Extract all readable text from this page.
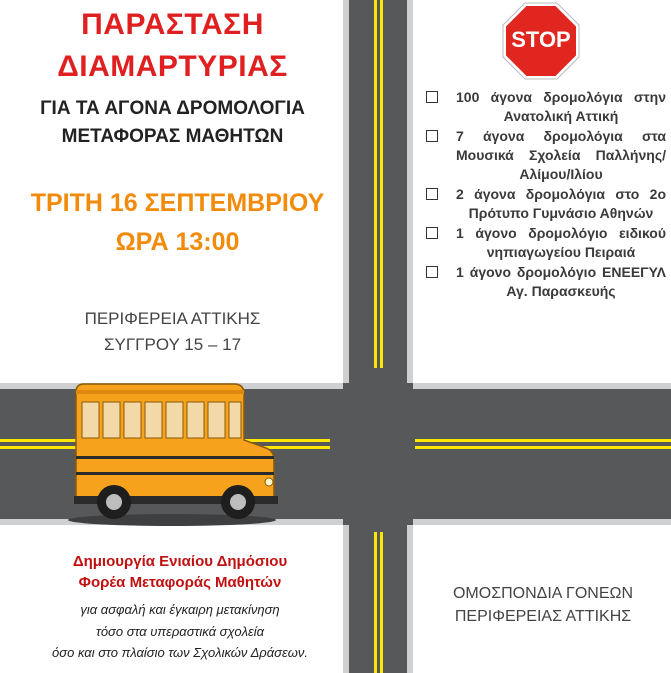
ΠΑΡΑΣΤΑΣΗ
ΔΙΑΜΑΡΤΥΡΙΑΣ
ΓΙΑ ΤΑ ΑΓΟΝΑ ΔΡΟΜΟΛΟΓΙΑ
ΜΕΤΑΦΟΡΑΣ ΜΑΘΗΤΩΝ
ΤΡΙΤΗ 16 ΣΕΠΤΕΜΒΡΙΟΥ
ΩΡΑ 13:00
ΠΕΡΙΦΕΡΕΙΑ ΑΤΤΙΚΗΣ
ΣΥΓΓΡΟΥ 15 – 17
STOP
100 άγονα δρομολόγια στην Ανατολική Αττική
7 άγονα δρομολόγια στα Μουσικά Σχολεία Παλλήνης/Αλίμου/Ιλίου
2 άγονα δρομολόγια στο 2ο Πρότυπο Γυμνάσιο Αθηνών
1 άγονο δρομολόγιο ειδικού νηπιαγωγείου Πειραιά
1 άγονο δρομολόγιο ΕΝΕΕΓΥΛ Αγ. Παρασκευής
Δημιουργία Ενιαίου Δημόσιου
Φορέα Μεταφοράς Μαθητών
για ασφαλή και έγκαιρη μετακίνηση
τόσο στα υπεραστικά σχολεία
όσο και στο πλαίσιο των Σχολικών Δράσεων.
ΟΜΟΣΠΟΝΔΙΑ ΓΟΝΕΩΝ
ΠΕΡΙΦΕΡΕΙΑΣ ΑΤΤΙΚΗΣ
